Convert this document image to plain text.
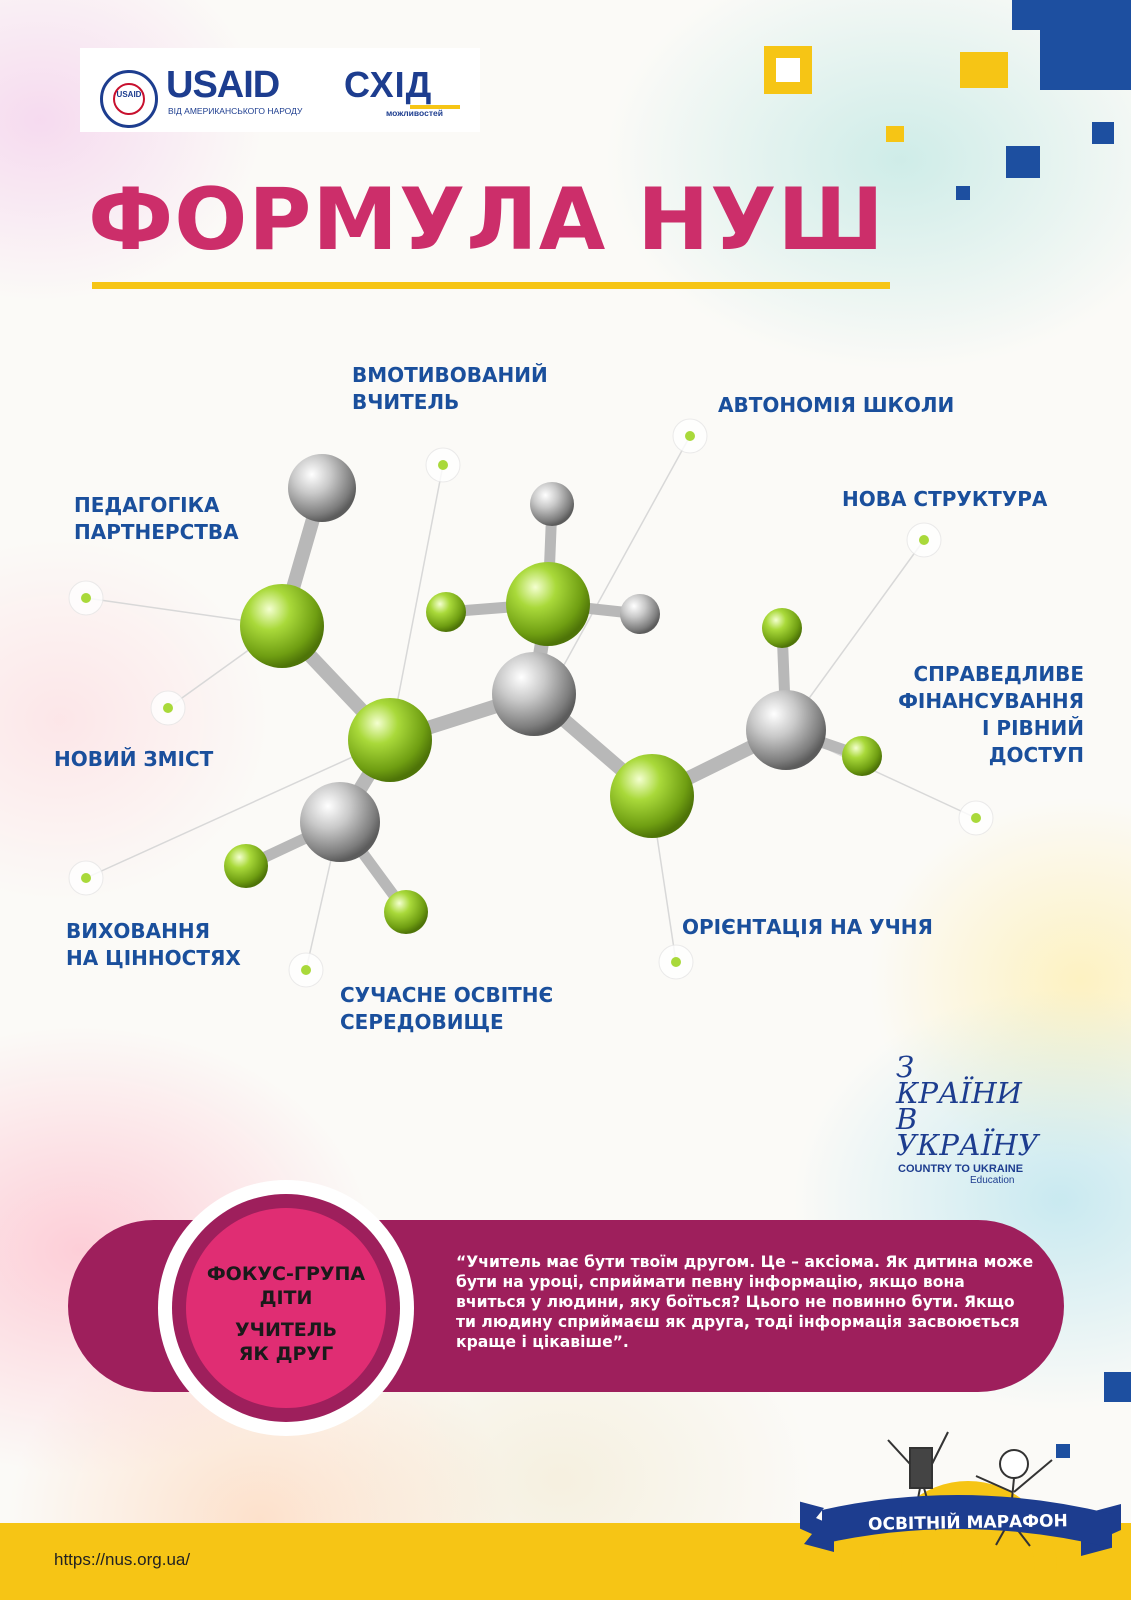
USAID USAID
ВІД АМЕРИКАНСЬКОГО НАРОДУ
СХІД
можливостей
ФОРМУЛА НУШ
ВМОТИВОВАНИЙ
ВЧИТЕЛЬ	АВТОНОМІЯ ШКОЛИ
ПЕДАГОГІКА
ПАРТНЕРСТВА
НОВА СТРУКТУРА
СПРАВЕДЛИВЕ
ФІНАНСУВАННЯ
І РІВНИЙ
ДОСТУП
НОВИЙ ЗМІСТ
ОРІЄНТАЦІЯ НА УЧНЯ
ВИХОВАННЯ
НА ЦІННОСТЯХ
СУЧАСНЕ ОСВІТНЄ
СЕРЕДОВИЩЕ
З
КРАЇНИ
В
УКРАЇНУ
COUNTRY TO UKRAINE
Education
ФОКУС-ГРУПА
ДІТИ
УЧИТЕЛЬ
ЯК ДРУГ
“Учитель має бути твоїм другом. Це – аксіома. Як дитина може бути на уроці, сприймати певну інформацію, якщо вона вчиться у людини, яку боїться? Цього не повинно бути. Якщо ти людину сприймаєш як друга, тоді інформація засвоюється краще і цікавіше”.
https://nus.org.ua/
ОСВІТНІЙ МАРАФОН
